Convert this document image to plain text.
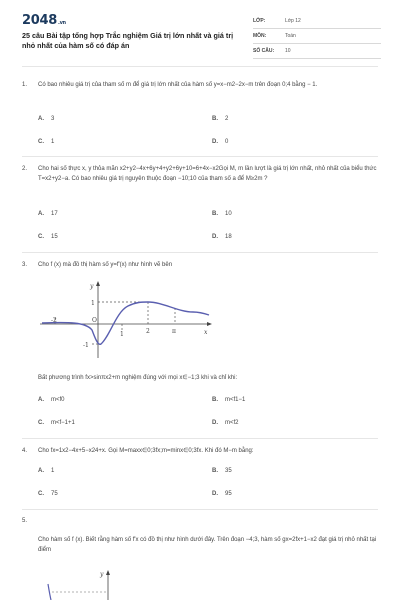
2048.vn
25 câu Bài tập tổng hợp Trắc nghiệm Giá trị lớn nhất và giá trị nhỏ nhất của hàm số có đáp án
LỚP:	Lớp 12
MÔN:	Toán
SỐ CÂU:	10
1.	Có bao nhiêu giá trị của tham số m để giá trị lớn nhất của hàm số y=x−m2−2x−m trên đoạn 0;4 bằng − 1.
A. 3	B. 2
C. 1	D. 0
2.	Cho hai số thực x, y thỏa mãn x2+y2−4x+6y+4+y2+6y+10=6+4x−x2Gọi M, m lần lượt là giá trị lớn nhất, nhỏ nhất của biểu thức T=x2+y2−a. Có bao nhiêu giá trị nguyên thuộc đoạn −10;10 của tham số a để M≥2m ?
A. 17	B. 10
C. 15	D. 18
3.	Cho f (x) mà đồ thị hàm số y=f′(x) như hình vẽ bên
y
x
O
1
-2
1	2	π
-1
Bất phương trình fx>sinπx2+m nghiệm đúng với mọi x∈−1;3 khi và chỉ khi:
A. m<f0	B. m<f1−1
C. m<f−1+1	D. m<f2
4.	Cho fx=1x2−4x+5−x24+x. Gọi M=maxx∈0;3fx;m=minx∈0;3fx. Khi đó M−m bằng:
A. 1	B. 35
C. 75	D. 95
5.
Cho hàm số f (x). Biết rằng hàm số f′x có đồ thị như hình dưới đây. Trên đoạn −4;3, hàm số gx=2fx+1−x2 đạt giá trị nhỏ nhất tại điểm
y
